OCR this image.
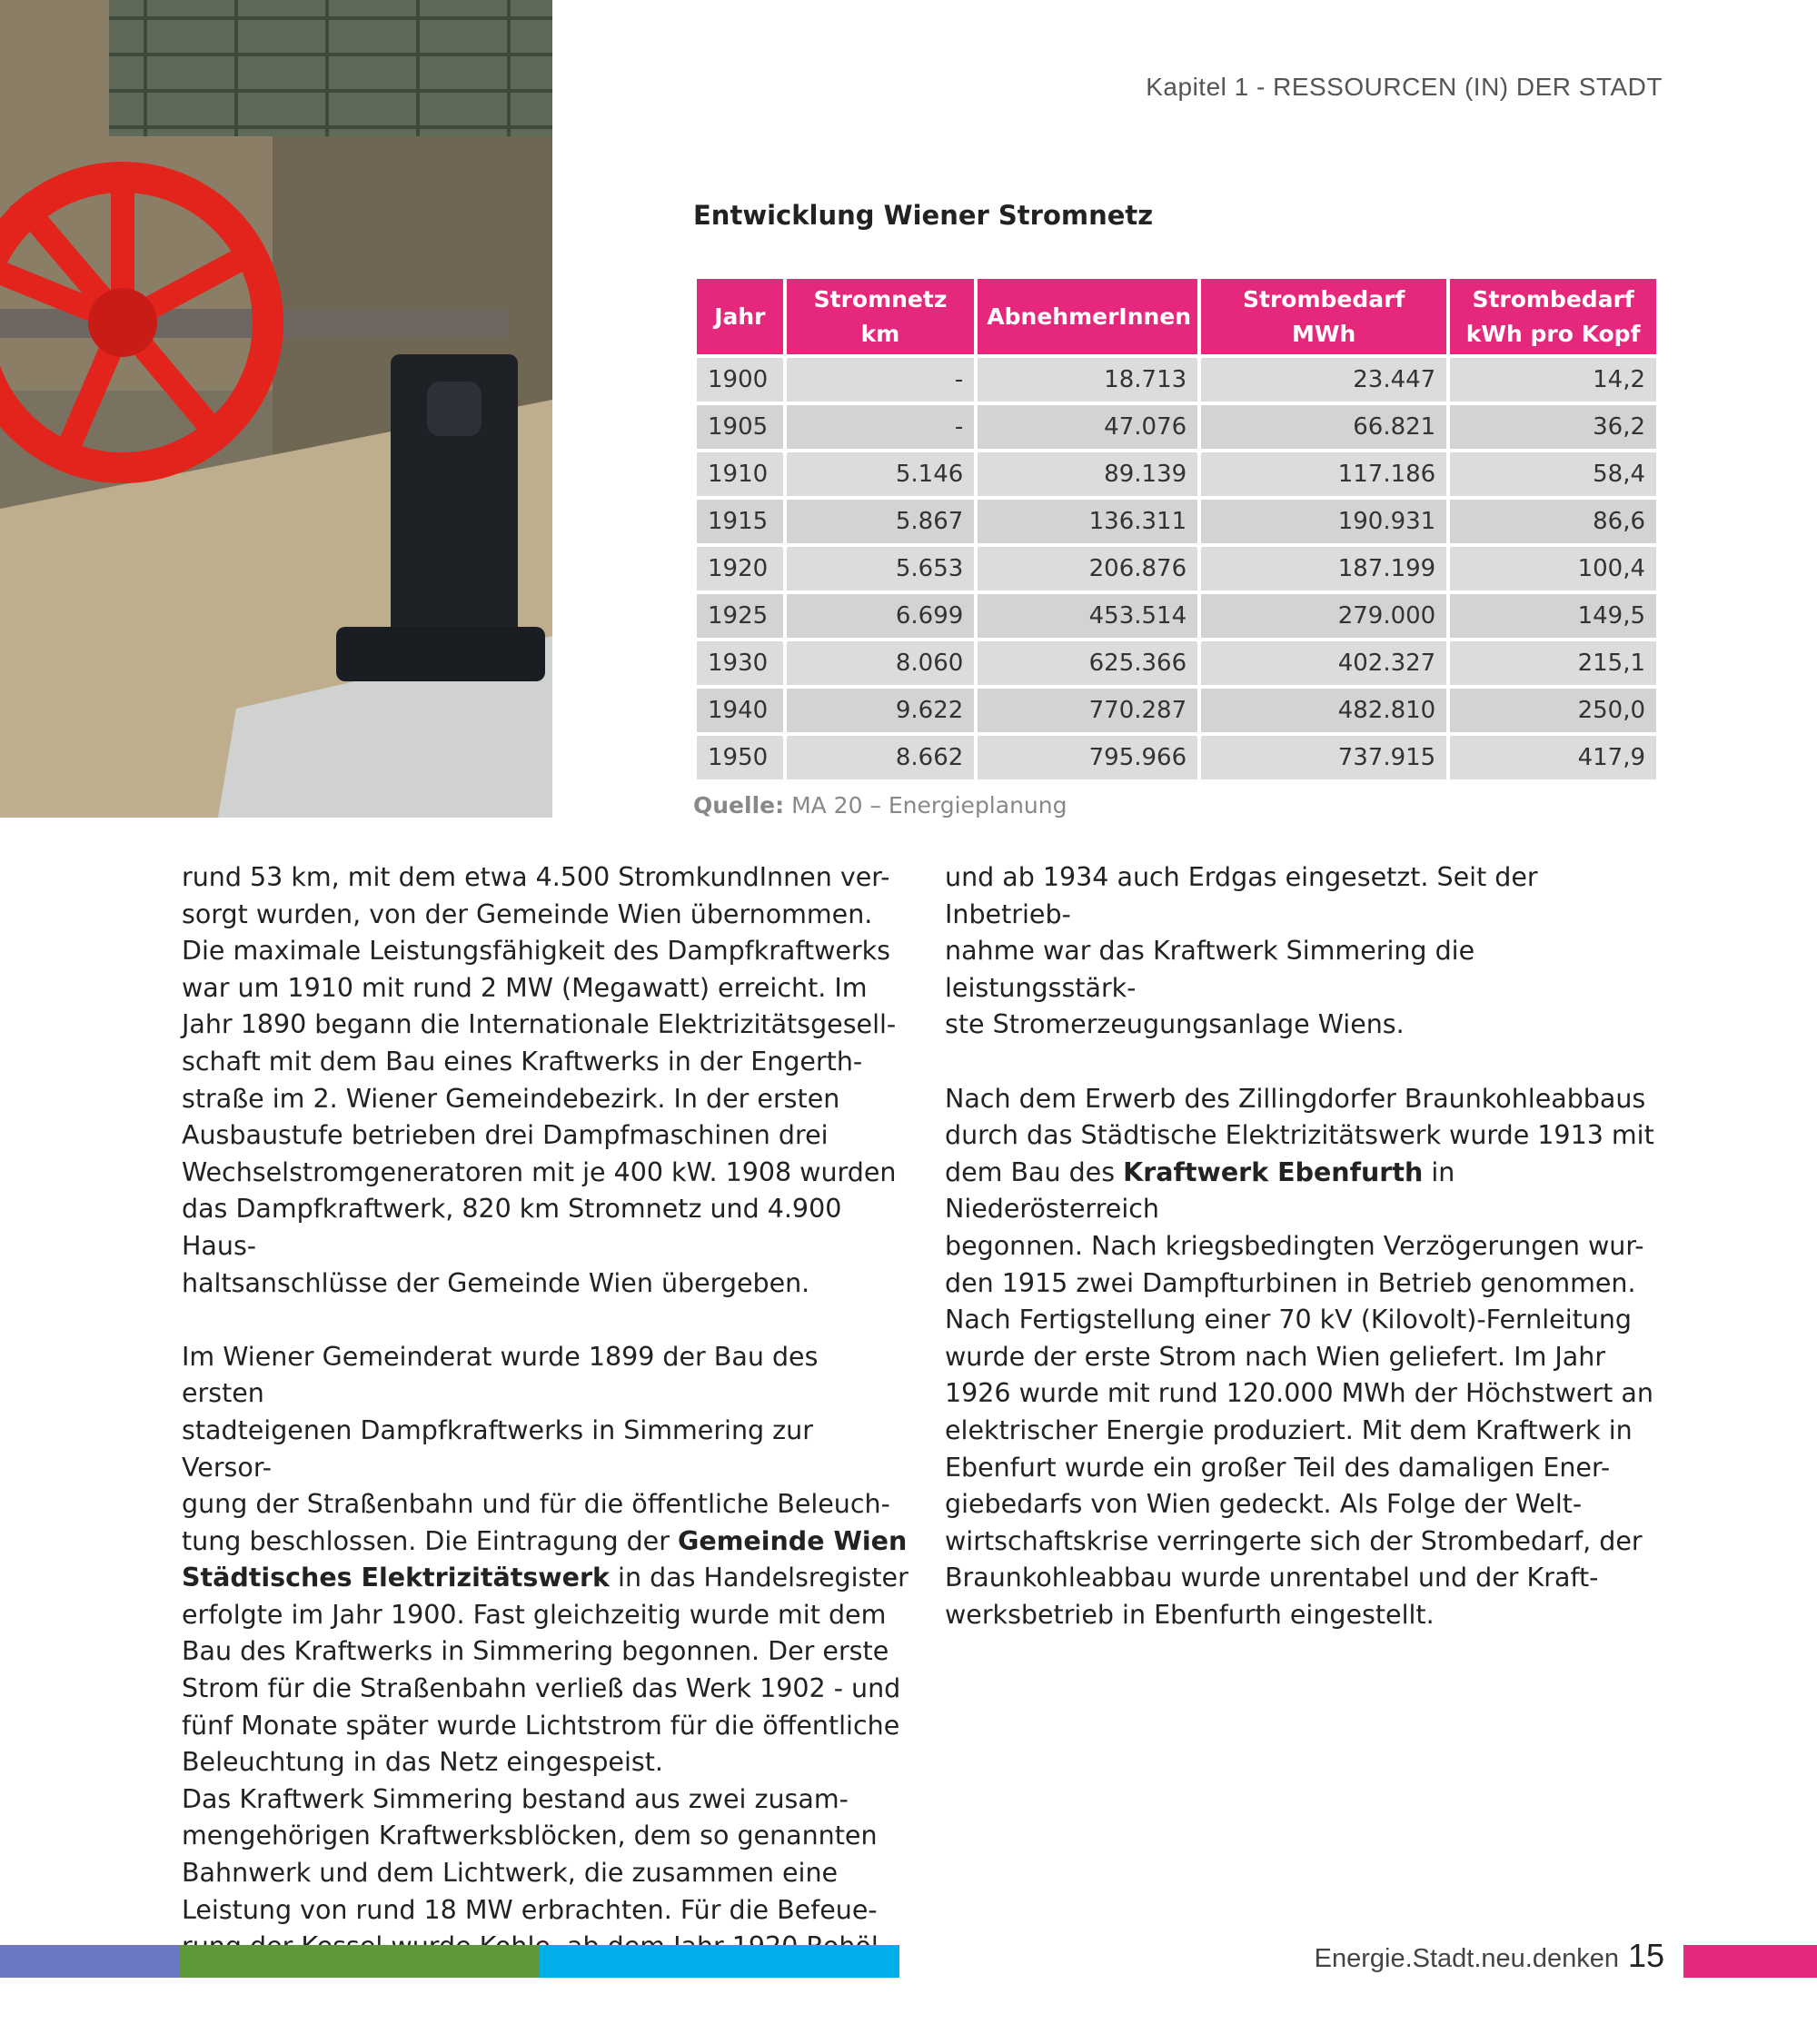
Kapitel 1 - RESSOURCEN (IN) DER STADT
Entwicklung Wiener Stromnetz
Jahr	Stromnetz km	AbnehmerInnen	Strombedarf MWh	Strombedarf
kWh pro Kopf
1900	-	18.713	23.447	14,2
1905	-	47.076	66.821	36,2
1910	5.146	89.139	117.186	58,4
1915	5.867	136.311	190.931	86,6
1920	5.653	206.876	187.199	100,4
1925	6.699	453.514	279.000	149,5
1930	8.060	625.366	402.327	215,1
1940	9.622	770.287	482.810	250,0
1950	8.662	795.966	737.915	417,9
Quelle: MA 20 – Energieplanung

rund 53 km, mit dem etwa 4.500 StromkundInnen ver-
sorgt wurden, von der Gemeinde Wien übernommen.
Die maximale Leistungsfähigkeit des Dampfkraftwerks
war um 1910 mit rund 2 MW (Megawatt) erreicht. Im
Jahr 1890 begann die Internationale Elektrizitätsgesell-
schaft mit dem Bau eines Kraftwerks in der Engerth-
straße im 2. Wiener Gemeindebezirk. In der ersten
Ausbaustufe betrieben drei Dampfmaschinen drei
Wechselstromgeneratoren mit je 400 kW. 1908 wurden
das Dampfkraftwerk, 820 km Stromnetz und 4.900 Haus-
haltsanschlüsse der Gemeinde Wien übergeben.

Im Wiener Gemeinderat wurde 1899 der Bau des ersten
stadteigenen Dampfkraftwerks in Simmering zur Versor-
gung der Straßenbahn und für die öffentliche Beleuch-
tung beschlossen. Die Eintragung der Gemeinde Wien
Städtisches Elektrizitätswerk in das Handelsregister
erfolgte im Jahr 1900. Fast gleichzeitig wurde mit dem
Bau des Kraftwerks in Simmering begonnen. Der erste
Strom für die Straßenbahn verließ das Werk 1902 - und
fünf Monate später wurde Lichtstrom für die öffentliche
Beleuchtung in das Netz eingespeist.

Das Kraftwerk Simmering bestand aus zwei zusam-
mengehörigen Kraftwerksblöcken, dem so genannten
Bahnwerk und dem Lichtwerk, die zusammen eine
Leistung von rund 18 MW erbrachten. Für die Befeue-

und ab 1934 auch Erdgas eingesetzt. Seit der Inbetrieb-
nahme war das Kraftwerk Simmering die leistungsstärk-
ste Stromerzeugungsanlage Wiens.

Nach dem Erwerb des Zillingdorfer Braunkohleabbaus
durch das Städtische Elektrizitätswerk wurde 1913 mit
dem Bau des Kraftwerk Ebenfurth in Niederösterreich
begonnen. Nach kriegsbedingten Verzögerungen wur-
den 1915 zwei Dampfturbinen in Betrieb genommen.
Nach Fertigstellung einer 70 kV (Kilovolt)-Fernleitung
wurde der erste Strom nach Wien geliefert. Im Jahr
1926 wurde mit rund 120.000 MWh der Höchstwert an
elektrischer Energie produziert. Mit dem Kraftwerk in
Ebenfurt wurde ein großer Teil des damaligen Ener-
giebedarfs von Wien gedeckt. Als Folge der Welt-
wirtschaftskrise verringerte sich der Strombedarf, der
Braunkohleabbau wurde unrentabel und der Kraft-
werksbetrieb in Ebenfurth eingestellt.

Energie.Stadt.neu.denken 15
